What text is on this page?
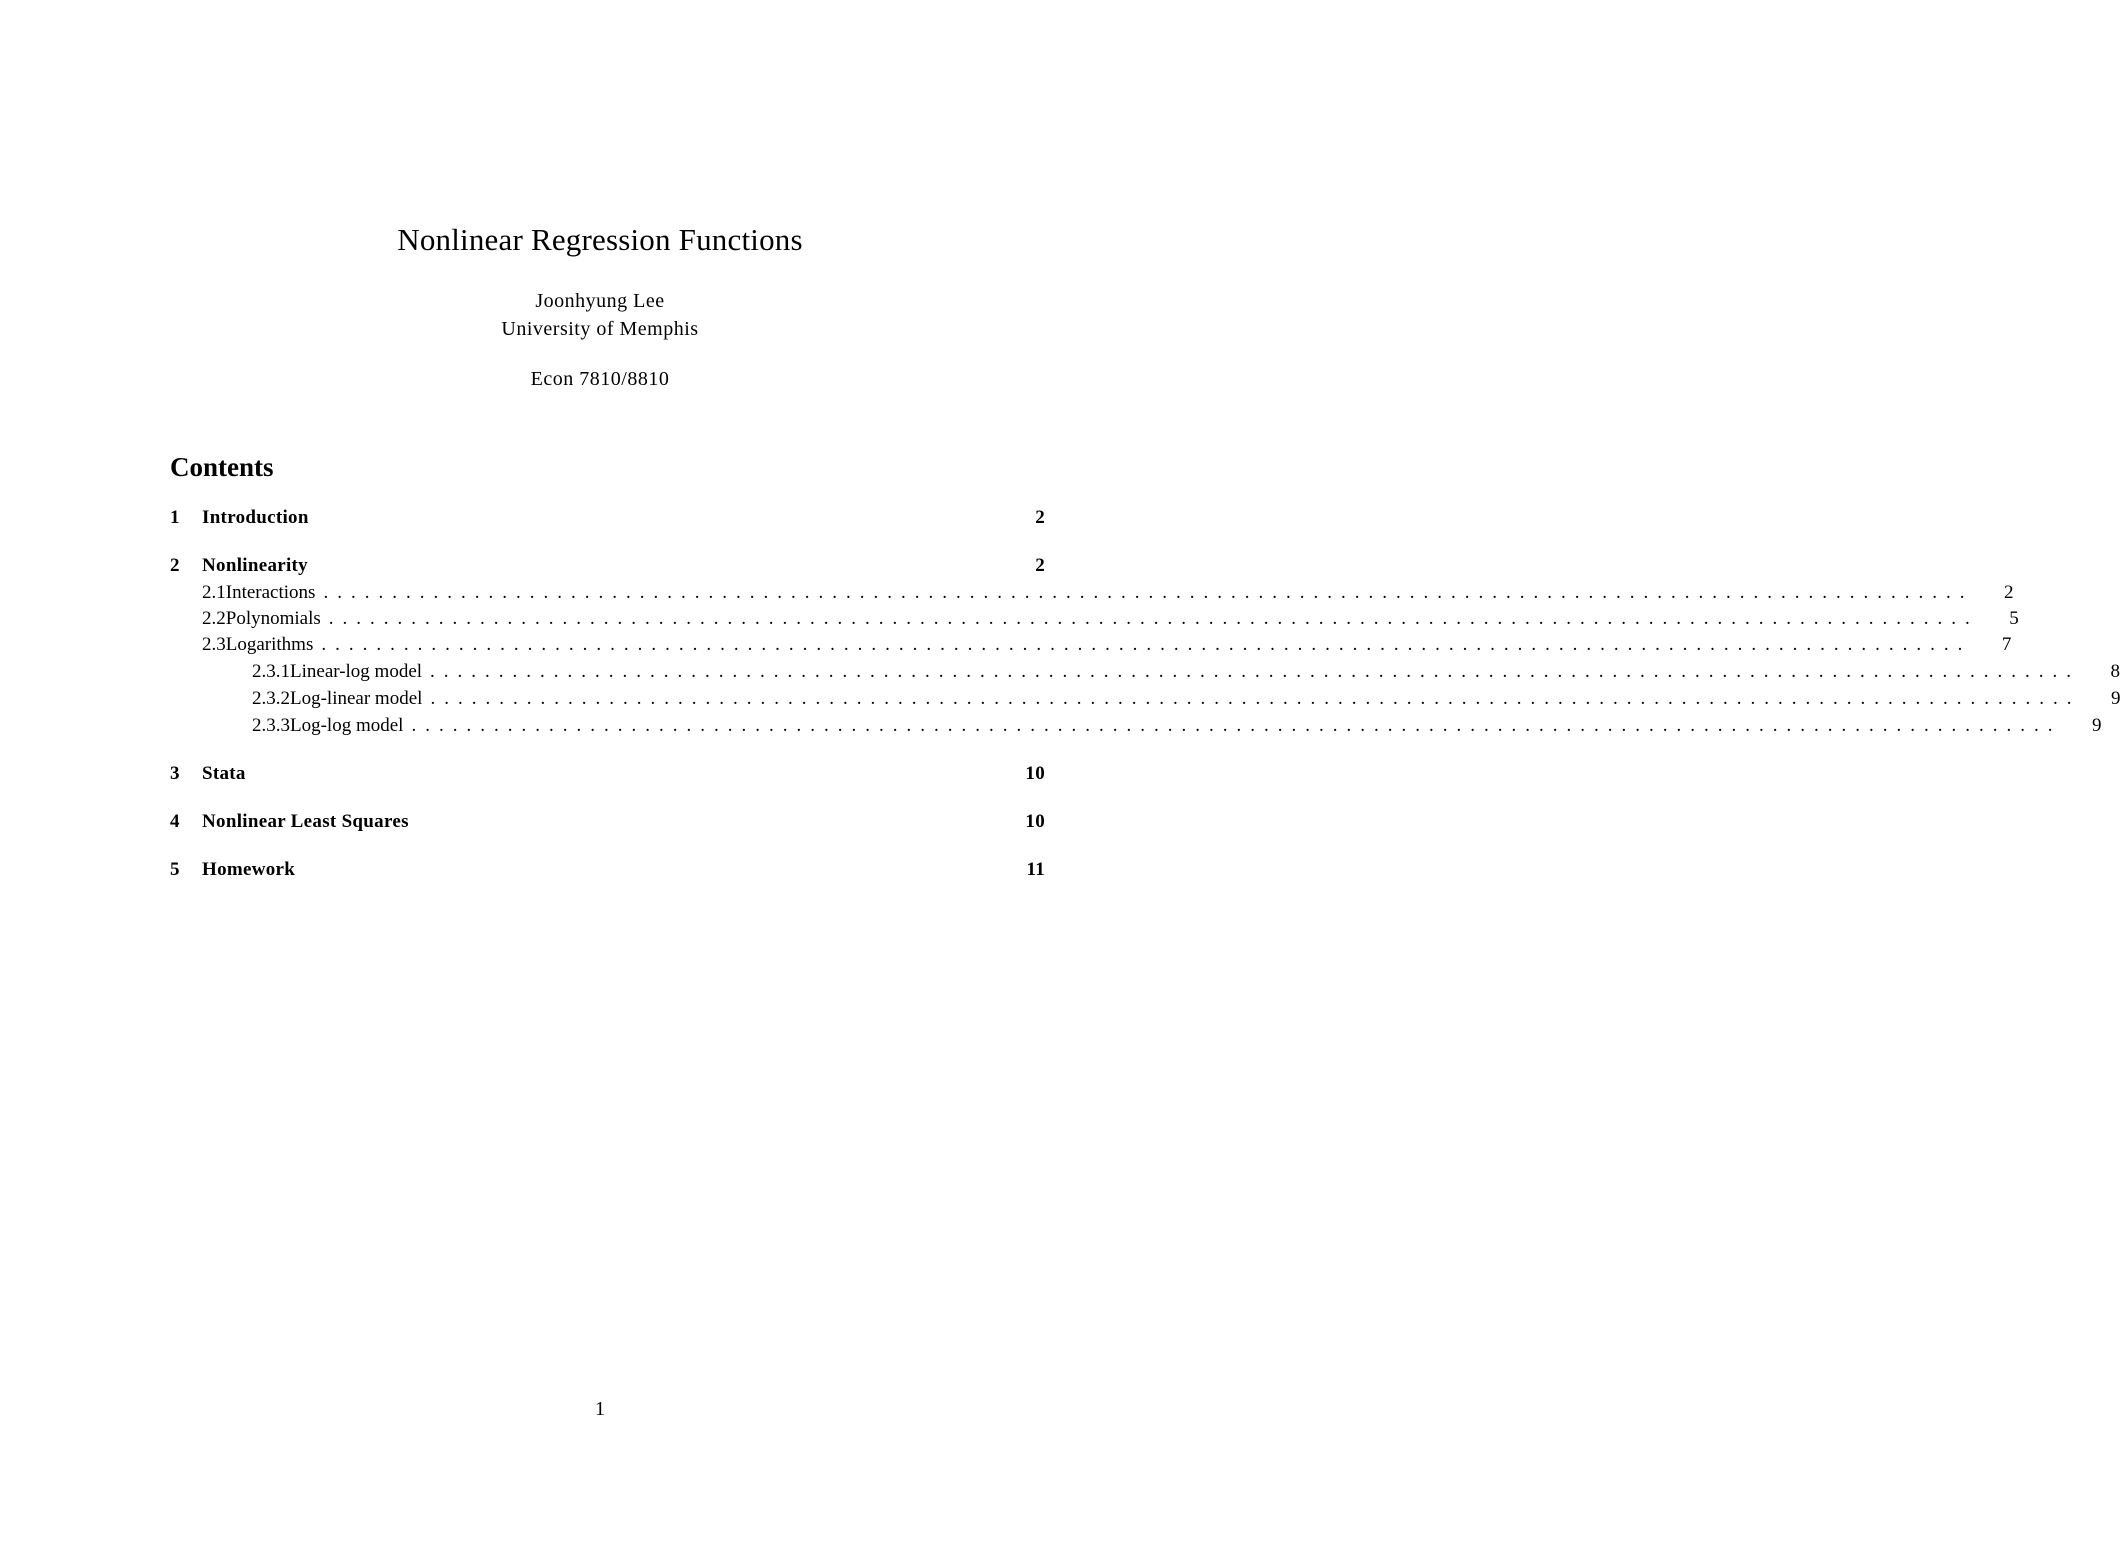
Nonlinear Regression Functions
Joonhyung Lee
University of Memphis
Econ 7810/8810
Contents
1	Introduction	2
2	Nonlinearity	2
2.1 Interactions ........................................................................................................................	2
2.2 Polynomials ........................................................................................................................	5
2.3 Logarithms ........................................................................................................................	7
2.3.1 Linear-log model ........................................................................................................................	8
2.3.2 Log-linear model ........................................................................................................................	9
2.3.3 Log-log model ........................................................................................................................	9
3	Stata	10
4	Nonlinear Least Squares	10
5	Homework	11
1
